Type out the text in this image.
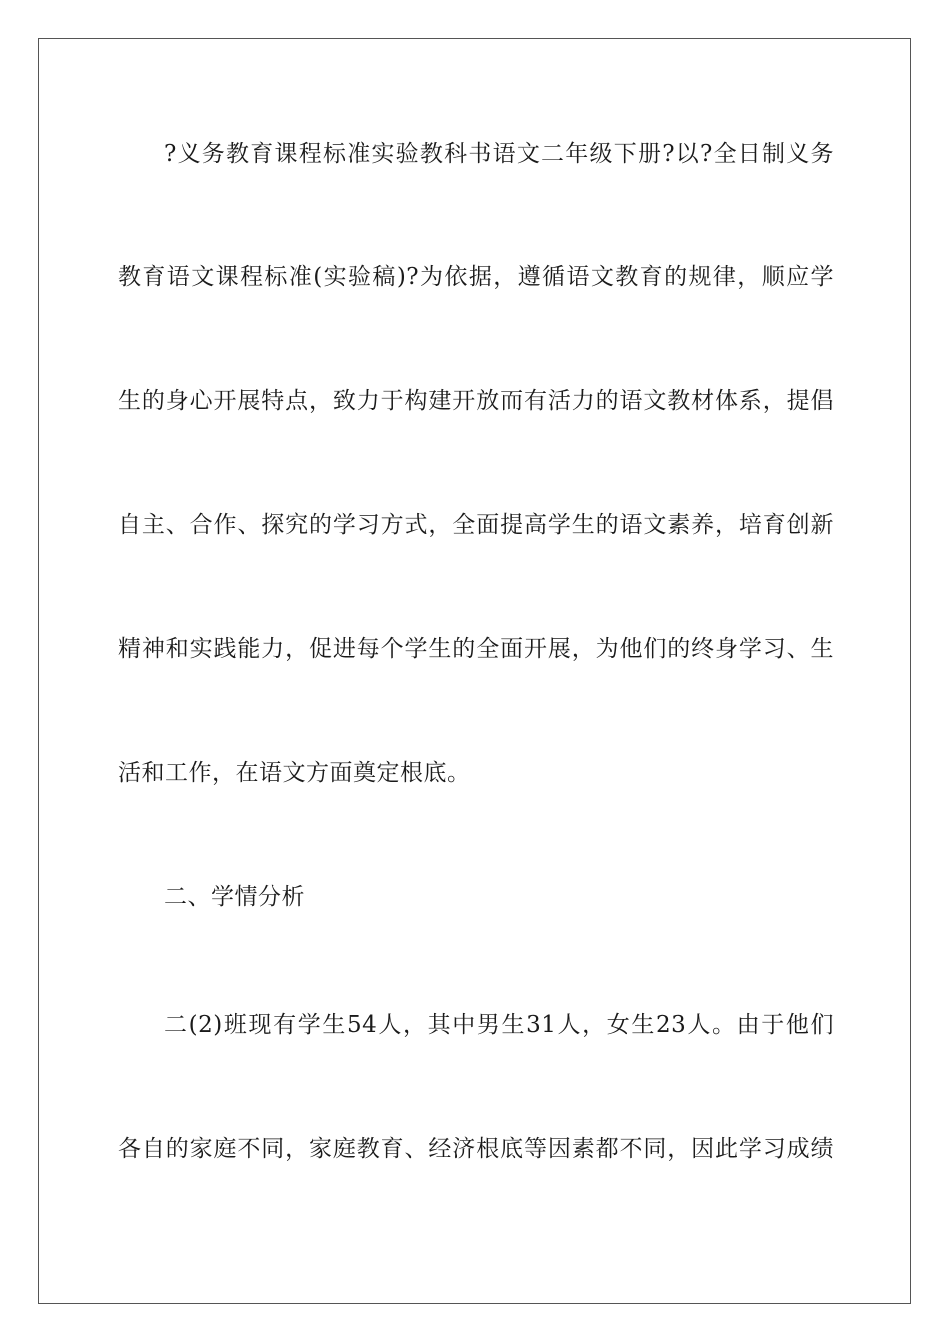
?义务教育课程标准实验教科书语文二年级下册?以?全日制义务
教育语文课程标准(实验稿)?为依据，遵循语文教育的规律，顺应学
生的身心开展特点，致力于构建开放而有活力的语文教材体系，提倡
自主、合作、探究的学习方式，全面提高学生的语文素养，培育创新
精神和实践能力，促进每个学生的全面开展，为他们的终身学习、生
活和工作，在语文方面奠定根底。
二、学情分析
二(2)班现有学生54人，其中男生31人，女生23人。由于他们
各自的家庭不同，家庭教育、经济根底等因素都不同，因此学习成绩
